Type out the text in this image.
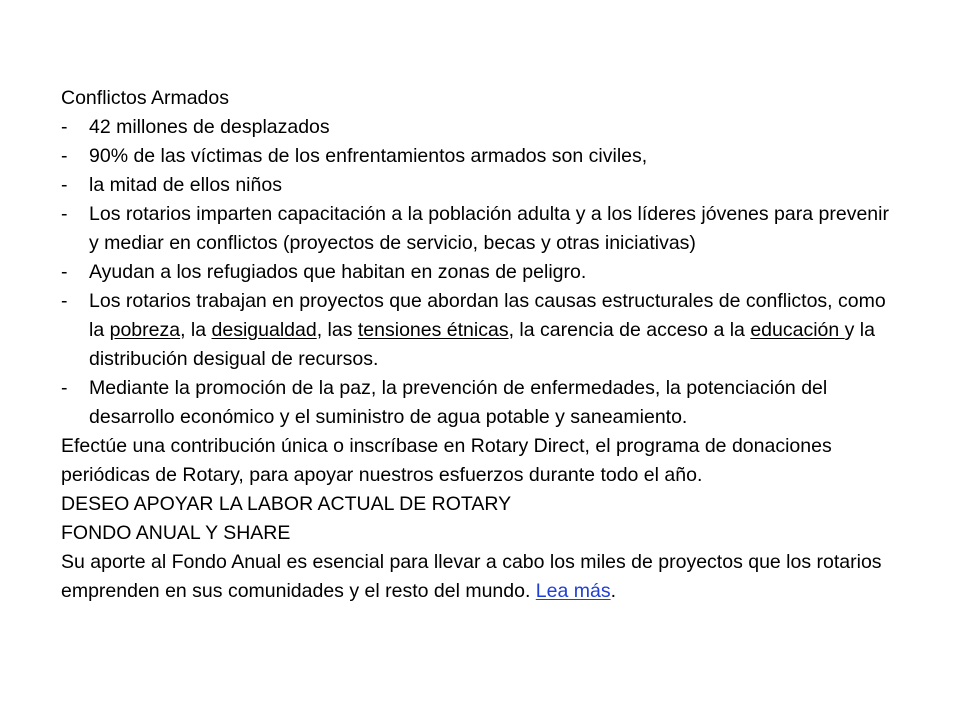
Conflictos Armados
- 42 millones de desplazados
- 90% de las víctimas de los enfrentamientos armados son civiles,
- la mitad de ellos niños
- Los rotarios imparten capacitación a la población adulta y a los líderes jóvenes para prevenir y mediar en conflictos (proyectos de servicio, becas y otras iniciativas)
- Ayudan a los refugiados que habitan en zonas de peligro.
- Los rotarios trabajan en proyectos que abordan las causas estructurales de conflictos, como la pobreza, la desigualdad, las tensiones étnicas, la carencia de acceso a la educación y la distribución desigual de recursos.
- Mediante la promoción de la paz, la prevención de enfermedades, la potenciación del desarrollo económico y el suministro de agua potable y saneamiento.
Efectúe una contribución única o inscríbase en Rotary Direct, el programa de donaciones periódicas de Rotary, para apoyar nuestros esfuerzos durante todo el año.
DESEO APOYAR LA LABOR ACTUAL DE ROTARY
FONDO ANUAL Y SHARE
Su aporte al Fondo Anual es esencial para llevar a cabo los miles de proyectos que los rotarios emprenden en sus comunidades y el resto del mundo. Lea más.
